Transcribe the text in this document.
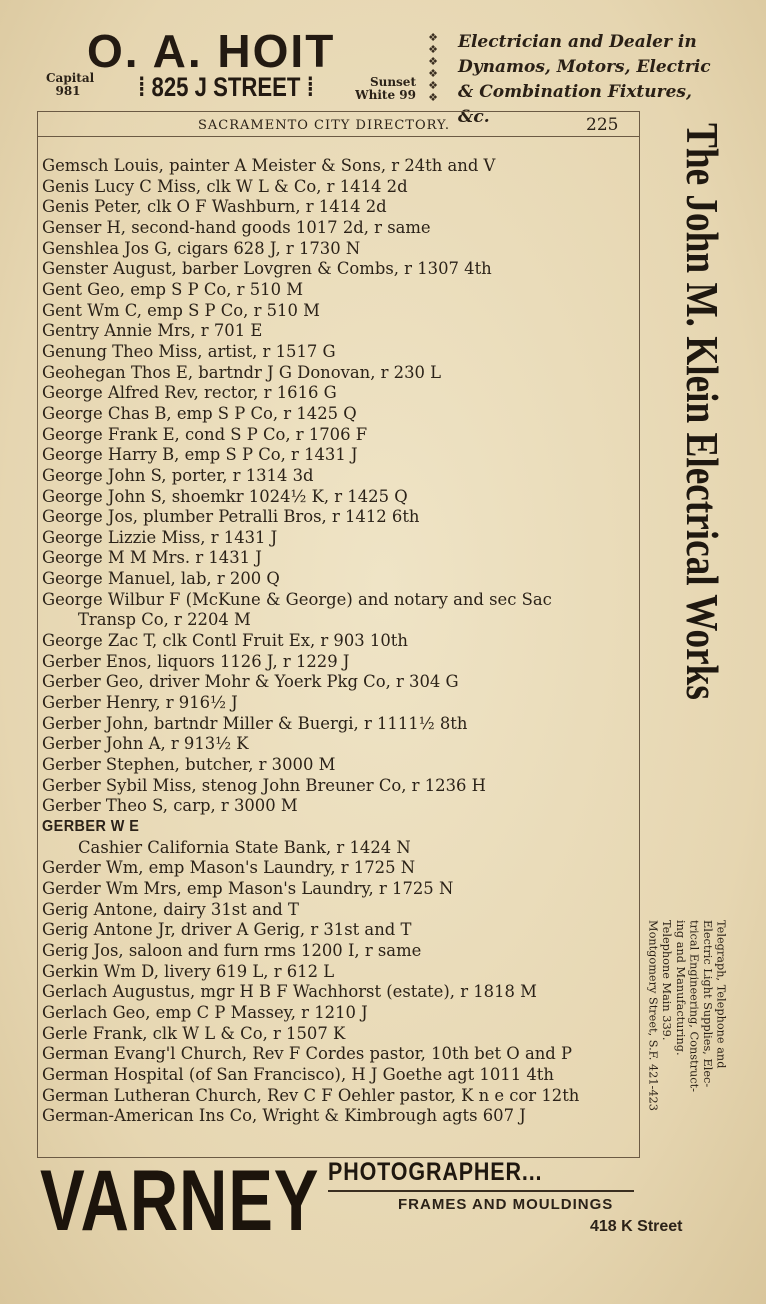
O. A. HOIT
Capital
981	⁞ 825 J STREET ⁞	Sunset
White 99
❖
❖
❖
❖
❖
❖
Electrician and Dealer in
Dynamos, Motors, Electric
& Combination Fixtures, &c.
SACRAMENTO CITY DIRECTORY.	225
Gemsch Louis, painter A Meister & Sons, r 24th and V
Genis Lucy C Miss, clk W L & Co, r 1414 2d
Genis Peter, clk O F Washburn, r 1414 2d
Genser H, second-hand goods 1017 2d, r same
Genshlea Jos G, cigars 628 J, r 1730 N
Genster August, barber Lovgren & Combs, r 1307 4th
Gent Geo, emp S P Co, r 510 M
Gent Wm C, emp S P Co, r 510 M
Gentry Annie Mrs, r 701 E
Genung Theo Miss, artist, r 1517 G
Geohegan Thos E, bartndr J G Donovan, r 230 L
George Alfred Rev, rector, r 1616 G
George Chas B, emp S P Co, r 1425 Q
George Frank E, cond S P Co, r 1706 F
George Harry B, emp S P Co, r 1431 J
George John S, porter, r 1314 3d
George John S, shoemkr 1024½ K, r 1425 Q
George Jos, plumber Petralli Bros, r 1412 6th
George Lizzie Miss, r 1431 J
George M M Mrs. r 1431 J
George Manuel, lab, r 200 Q
George Wilbur F (McKune & George) and notary and sec Sac
Transp Co, r 2204 M
George Zac T, clk Contl Fruit Ex, r 903 10th
Gerber Enos, liquors 1126 J, r 1229 J
Gerber Geo, driver Mohr & Yoerk Pkg Co, r 304 G
Gerber Henry, r 916½ J
Gerber John, bartndr Miller & Buergi, r 1111½ 8th
Gerber John A, r 913½ K
Gerber Stephen, butcher, r 3000 M
Gerber Sybil Miss, stenog John Breuner Co, r 1236 H
Gerber Theo S, carp, r 3000 M
GERBER W E
Cashier California State Bank, r 1424 N
Gerder Wm, emp Mason's Laundry, r 1725 N
Gerder Wm Mrs, emp Mason's Laundry, r 1725 N
Gerig Antone, dairy 31st and T
Gerig Antone Jr, driver A Gerig, r 31st and T
Gerig Jos, saloon and furn rms 1200 I, r same
Gerkin Wm D, livery 619 L, r 612 L
Gerlach Augustus, mgr H B F Wachhorst (estate), r 1818 M
Gerlach Geo, emp C P Massey, r 1210 J
Gerle Frank, clk W L & Co, r 1507 K
German Evang'l Church, Rev F Cordes pastor, 10th bet O and P
German Hospital (of San Francisco), H J Goethe agt 1011 4th
German Lutheran Church, Rev C F Oehler pastor, K n e cor 12th
German-American Ins Co, Wright & Kimbrough agts 607 J
The John M. Klein Electrical Works
Telegraph, Telephone and
Electric Light Supplies, Elec-
trical Engineering, Construct-
ing and Manufacturing.
Telephone Main 339.
Montgomery Street, S.F. 421-423
VARNEY PHOTOGRAPHER...
FRAMES AND MOULDINGS
418 K Street
